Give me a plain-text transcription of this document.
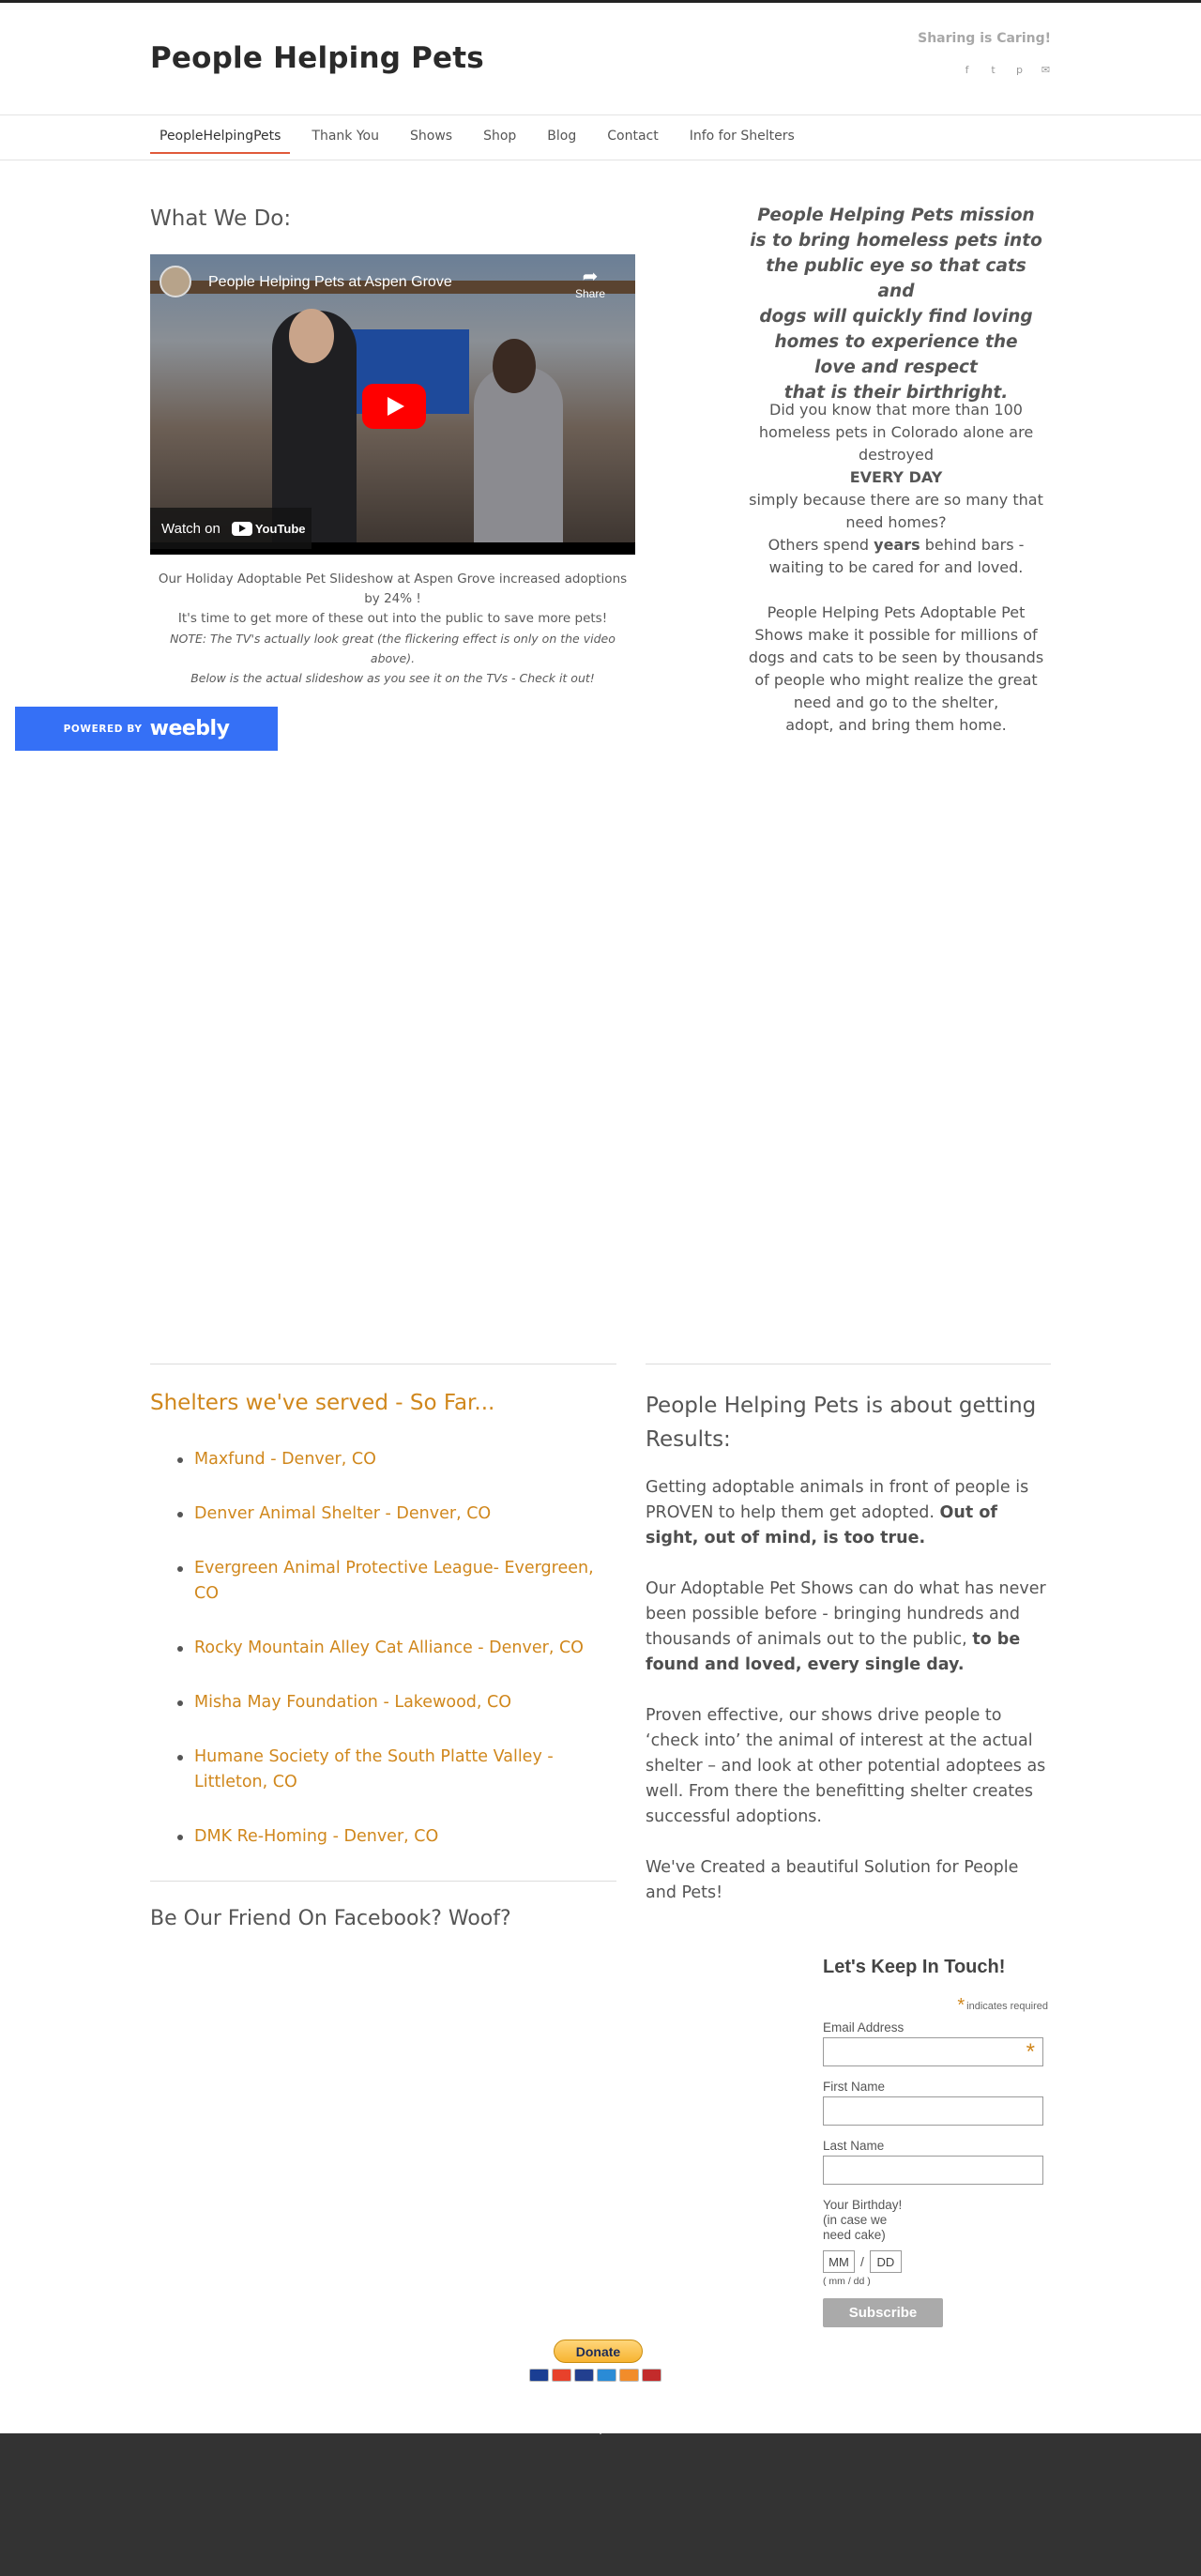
People Helping Pets
Sharing is Caring!
f	t	p ✉
PeopleHelpingPets	Thank You	Shows	Shop	Blog	Contact	Info for Shelters
What We Do:
People Helping Pets at Aspen Grove	➦
Share
Watch on	YouTube

Our Holiday Adoptable Pet Slideshow at Aspen Grove increased adoptions by 24% !

It's time to get more of these out into the public to save more pets!

NOTE: The TV's actually look great (the flickering effect is only on the video above).

Below is the actual slideshow as you see it on the TVs - Check it out!

POWERED BY weebly

People Helping Pets mission

is to bring homeless pets into

the public eye so that cats and

dogs will quickly find loving

homes to experience the

love and respect

that is their birthright.

Did you know that more than 100 homeless pets in Colorado alone are destroyed

EVERY DAY

simply because there are so many that need homes?

Others spend years behind bars - waiting to be cared for and loved.

People Helping Pets Adoptable Pet Shows make it possible for millions of dogs and cats to be seen by thousands of people who might realize the great need and go to the shelter,

adopt, and bring them home.

Shelters we've served - So Far...
Maxfund - Denver, CO
Denver Animal Shelter - Denver, CO
Evergreen Animal Protective League- Evergreen, CO
Rocky Mountain Alley Cat Alliance - Denver, CO
Misha May Foundation - Lakewood, CO
Humane Society of the South Platte Valley - Littleton, CO
DMK Re-Homing - Denver, CO
Be Our Friend On Facebook? Woof?
People Helping Pets is about getting Results:

Getting adoptable animals in front of people is PROVEN to help them get adopted. Out of sight, out of mind, is too true.

Our Adoptable Pet Shows can do what has never been possible before - bringing hundreds and thousands of animals out to the public, to be found and loved, every single day.

Proven effective, our shows drive people to ‘check into’ the animal of interest at the actual shelter – and look at other potential adoptees as well. From there the benefitting shelter creates successful adoptions.

We've Created a beautiful Solution for People and Pets!

Let's Keep In Touch!
* indicates required
Email Address
*
First Name
Last Name
Your Birthday!
(in case we
need cake)
MM /	DD
( mm / dd )
Subscribe
Donate
